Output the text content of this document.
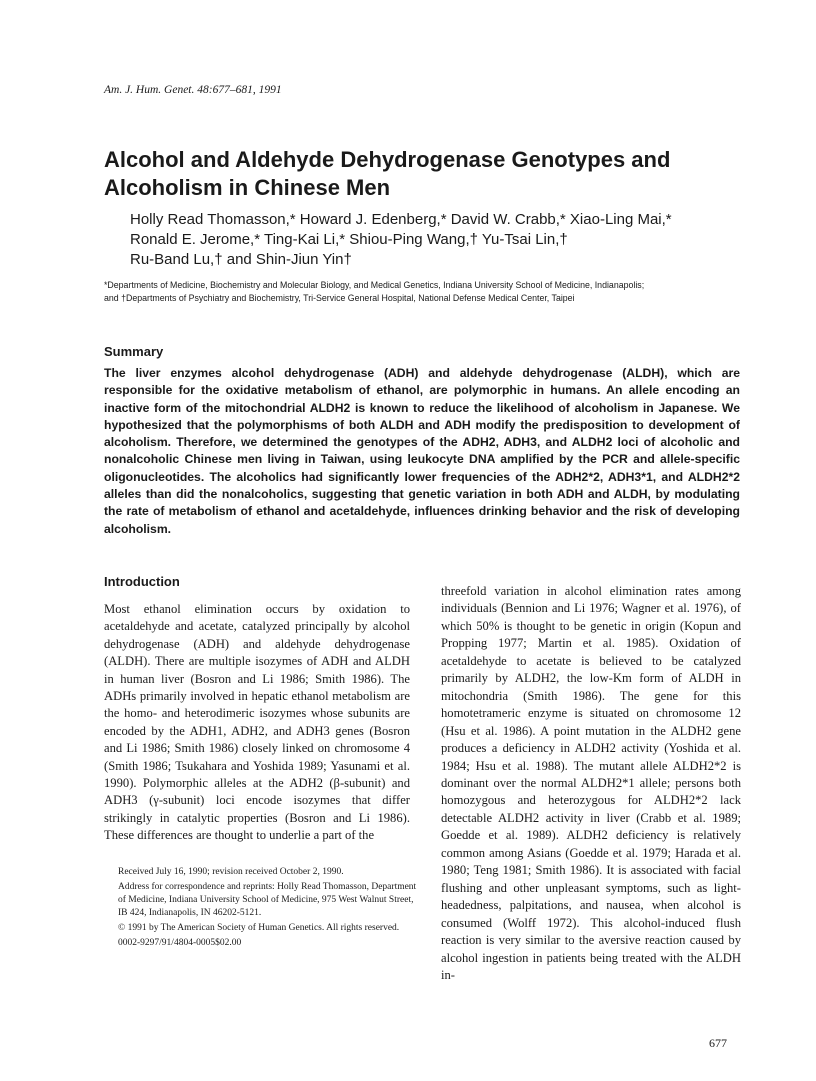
Am. J. Hum. Genet. 48:677–681, 1991
Alcohol and Aldehyde Dehydrogenase Genotypes and
Alcoholism in Chinese Men
Holly Read Thomasson,* Howard J. Edenberg,* David W. Crabb,* Xiao-Ling Mai,*
Ronald E. Jerome,* Ting-Kai Li,* Shiou-Ping Wang,† Yu-Tsai Lin,†
Ru-Band Lu,† and Shin-Jiun Yin†
*Departments of Medicine, Biochemistry and Molecular Biology, and Medical Genetics, Indiana University School of Medicine, Indianapolis;
and †Departments of Psychiatry and Biochemistry, Tri-Service General Hospital, National Defense Medical Center, Taipei
Summary
The liver enzymes alcohol dehydrogenase (ADH) and aldehyde dehydrogenase (ALDH), which are responsible for the oxidative metabolism of ethanol, are polymorphic in humans. An allele encoding an inactive form of the mitochondrial ALDH2 is known to reduce the likelihood of alcoholism in Japanese. We hypothesized that the polymorphisms of both ALDH and ADH modify the predisposition to development of alcoholism. Therefore, we determined the genotypes of the ADH2, ADH3, and ALDH2 loci of alcoholic and nonalcoholic Chinese men living in Taiwan, using leukocyte DNA amplified by the PCR and allele-specific oligonucleotides. The alcoholics had significantly lower frequencies of the ADH2*2, ADH3*1, and ALDH2*2 alleles than did the nonalcoholics, suggesting that genetic variation in both ADH and ALDH, by modulating the rate of metabolism of ethanol and acetaldehyde, influences drinking behavior and the risk of developing alcoholism.
Introduction
Most ethanol elimination occurs by oxidation to acetaldehyde and acetate, catalyzed principally by alcohol dehydrogenase (ADH) and aldehyde dehydrogenase (ALDH). There are multiple isozymes of ADH and ALDH in human liver (Bosron and Li 1986; Smith 1986). The ADHs primarily involved in hepatic ethanol metabolism are the homo- and heterodimeric isozymes whose subunits are encoded by the ADH1, ADH2, and ADH3 genes (Bosron and Li 1986; Smith 1986) closely linked on chromosome 4 (Smith 1986; Tsukahara and Yoshida 1989; Yasunami et al. 1990). Polymorphic alleles at the ADH2 (β-subunit) and ADH3 (γ-subunit) loci encode isozymes that differ strikingly in catalytic properties (Bosron and Li 1986). These differences are thought to underlie a part of the
threefold variation in alcohol elimination rates among individuals (Bennion and Li 1976; Wagner et al. 1976), of which 50% is thought to be genetic in origin (Kopun and Propping 1977; Martin et al. 1985). Oxidation of acetaldehyde to acetate is believed to be catalyzed primarily by ALDH2, the low-Km form of ALDH in mitochondria (Smith 1986). The gene for this homotetrameric enzyme is situated on chromosome 12 (Hsu et al. 1986). A point mutation in the ALDH2 gene produces a deficiency in ALDH2 activity (Yoshida et al. 1984; Hsu et al. 1988). The mutant allele ALDH2*2 is dominant over the normal ALDH2*1 allele; persons both homozygous and heterozygous for ALDH2*2 lack detectable ALDH2 activity in liver (Crabb et al. 1989; Goedde et al. 1989). ALDH2 deficiency is relatively common among Asians (Goedde et al. 1979; Harada et al. 1980; Teng 1981; Smith 1986). It is associated with facial flushing and other unpleasant symptoms, such as light-headedness, palpitations, and nausea, when alcohol is consumed (Wolff 1972). This alcohol-induced flush reaction is very similar to the aversive reaction caused by alcohol ingestion in patients being treated with the ALDH in-

Received July 16, 1990; revision received October 2, 1990.

Address for correspondence and reprints: Holly Read Thomasson, Department of Medicine, Indiana University School of Medicine, 975 West Walnut Street, IB 424, Indianapolis, IN 46202-5121.

© 1991 by The American Society of Human Genetics. All rights reserved.

0002-9297/91/4804-0005$02.00

677
